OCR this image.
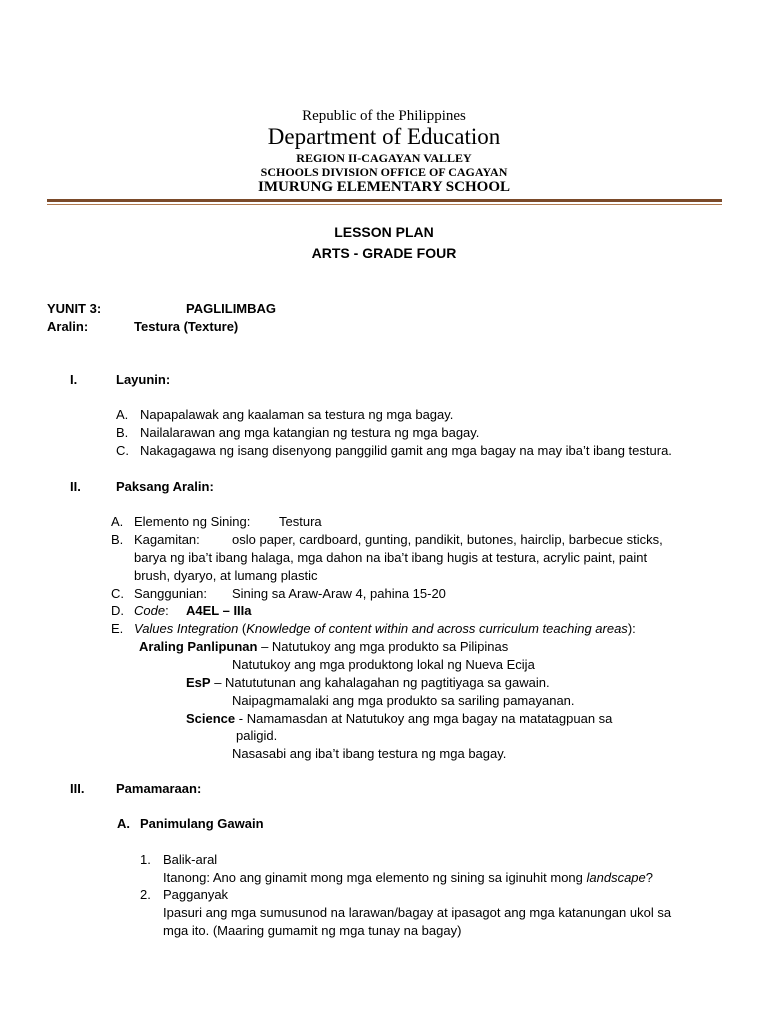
Republic of the Philippines
Department of Education
REGION II-CAGAYAN VALLEY
SCHOOLS DIVISION OFFICE OF CAGAYAN
IMURUNG ELEMENTARY SCHOOL
LESSON PLAN
ARTS - GRADE FOUR
YUNIT 3:	PAGLILIMBAG
Aralin:	Testura (Texture)
I.	Layunin:
A. Napapalawak ang kaalaman sa testura ng mga bagay.
B. Nailalarawan ang mga katangian ng testura ng mga bagay.
C. Nakagagawa ng isang disenyong panggilid gamit ang mga bagay na may iba’t ibang testura.
II.	Paksang Aralin:
A. Elemento ng Sining: Testura
B. Kagamitan: oslo paper, cardboard, gunting, pandikit, butones, hairclip, barbecue sticks,
barya ng iba’t ibang halaga, mga dahon na iba’t ibang hugis at testura, acrylic paint, paint
brush, dyaryo, at lumang plastic
C. Sanggunian: Sining sa Araw-Araw 4, pahina 15-20
D. Code: A4EL – IIIa
E. Values Integration (Knowledge of content within and across curriculum teaching areas):
Araling Panlipunan – Natutukoy ang mga produkto sa Pilipinas
Natutukoy ang mga produktong lokal ng Nueva Ecija
EsP – Natututunan ang kahalagahan ng pagtitiyaga sa gawain.
Naipagmamalaki ang mga produkto sa sariling pamayanan.
Science - Namamasdan at Natutukoy ang mga bagay na matatagpuan sa
paligid.
Nasasabi ang iba’t ibang testura ng mga bagay.
III. Pamamaraan:
A. Panimulang Gawain
1. Balik-aral
Itanong: Ano ang ginamit mong mga elemento ng sining sa iginuhit mong landscape?
2. Pagganyak
Ipasuri ang mga sumusunod na larawan/bagay at ipasagot ang mga katanungan ukol sa
mga ito. (Maaring gumamit ng mga tunay na bagay)
